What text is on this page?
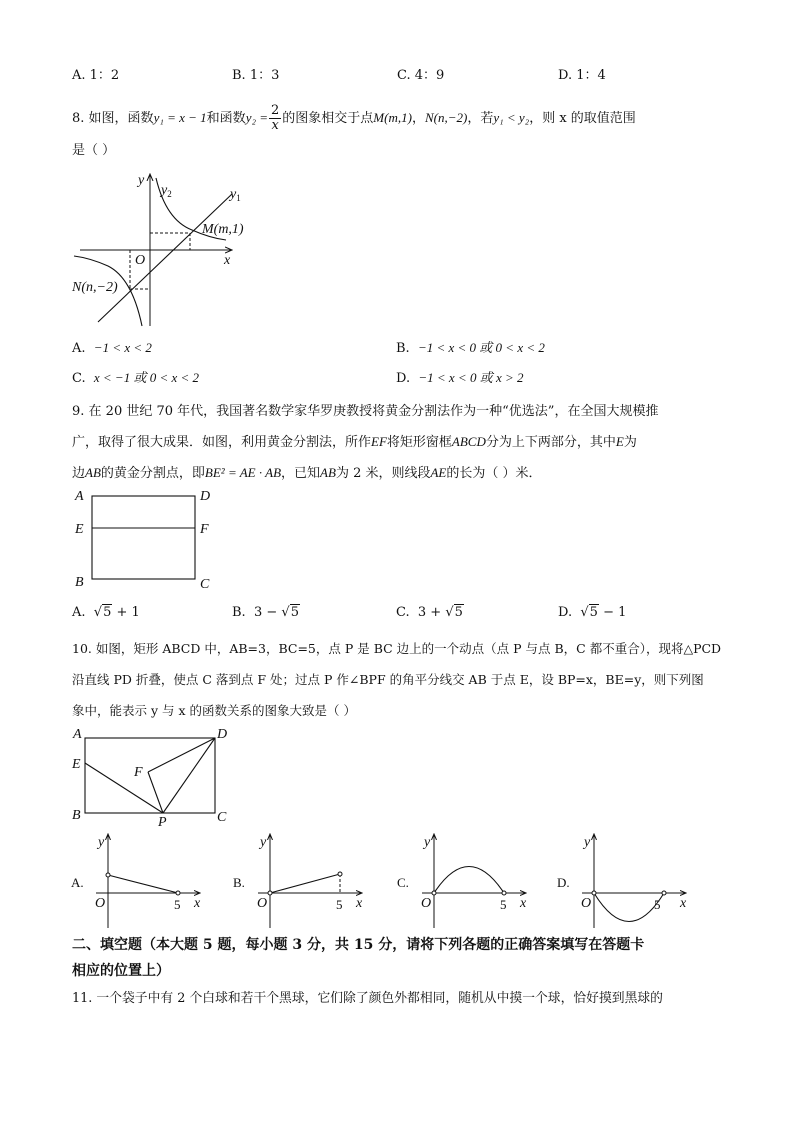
A. 1：2	B. 1：3	C. 4：9	D. 1：4
8. 如图，函数y₁ = x − 1和函数$y_2 = \frac{2}{x}$ 的图象相交于点M(m,1)，N(n,−2)，若y₁ < y₂，则 x 的取值范围
是（ ）
y
x
O
$y_2$	$y_1$
M(m,1)
N(n,−2)
A. −1 < x < 2	B. −1 < x < 0 或 0 < x < 2
C. x < −1 或 0 < x < 2	D. −1 < x < 0 或 x > 2
9. 在 20 世纪 70 年代，我国著名数学家华罗庚教授将黄金分割法作为一种“优选法”，在全国大规模推
广，取得了很大成果．如图，利用黄金分割法，所作EF将矩形窗框ABCD分为上下两部分，其中E为
边AB的黄金分割点，即BE² = AE · AB，已知AB为 2 米，则线段AE的长为（ ）米．
A	D
E	F
B	C
A. √5 + 1	B. 3 − √5	C. 3 + √5	D. √5 − 1
10. 如图，矩形 ABCD 中，AB=3，BC=5，点 P 是 BC 边上的一个动点（点 P 与点 B，C 都不重合），现将△PCD
沿直线 PD 折叠，使点 C 落到点 F 处；过点 P 作∠BPF 的角平分线交 AB 于点 E，设 BP=x，BE=y，则下列图
象中，能表示 y 与 x 的函数关系的图象大致是（ ）
A	D
E
F
B	P	C
A.
y
x
O	5
B.
y
x
O	5
C.
y
x
O	5
D.
y
x
O	5
二、填空题（本大题 5 题，每小题 3 分，共 15 分，请将下列各题的正确答案填写在答题卡
相应的位置上）
11. 一个袋子中有 2 个白球和若干个黑球，它们除了颜色外都相同，随机从中摸一个球，恰好摸到黑球的
